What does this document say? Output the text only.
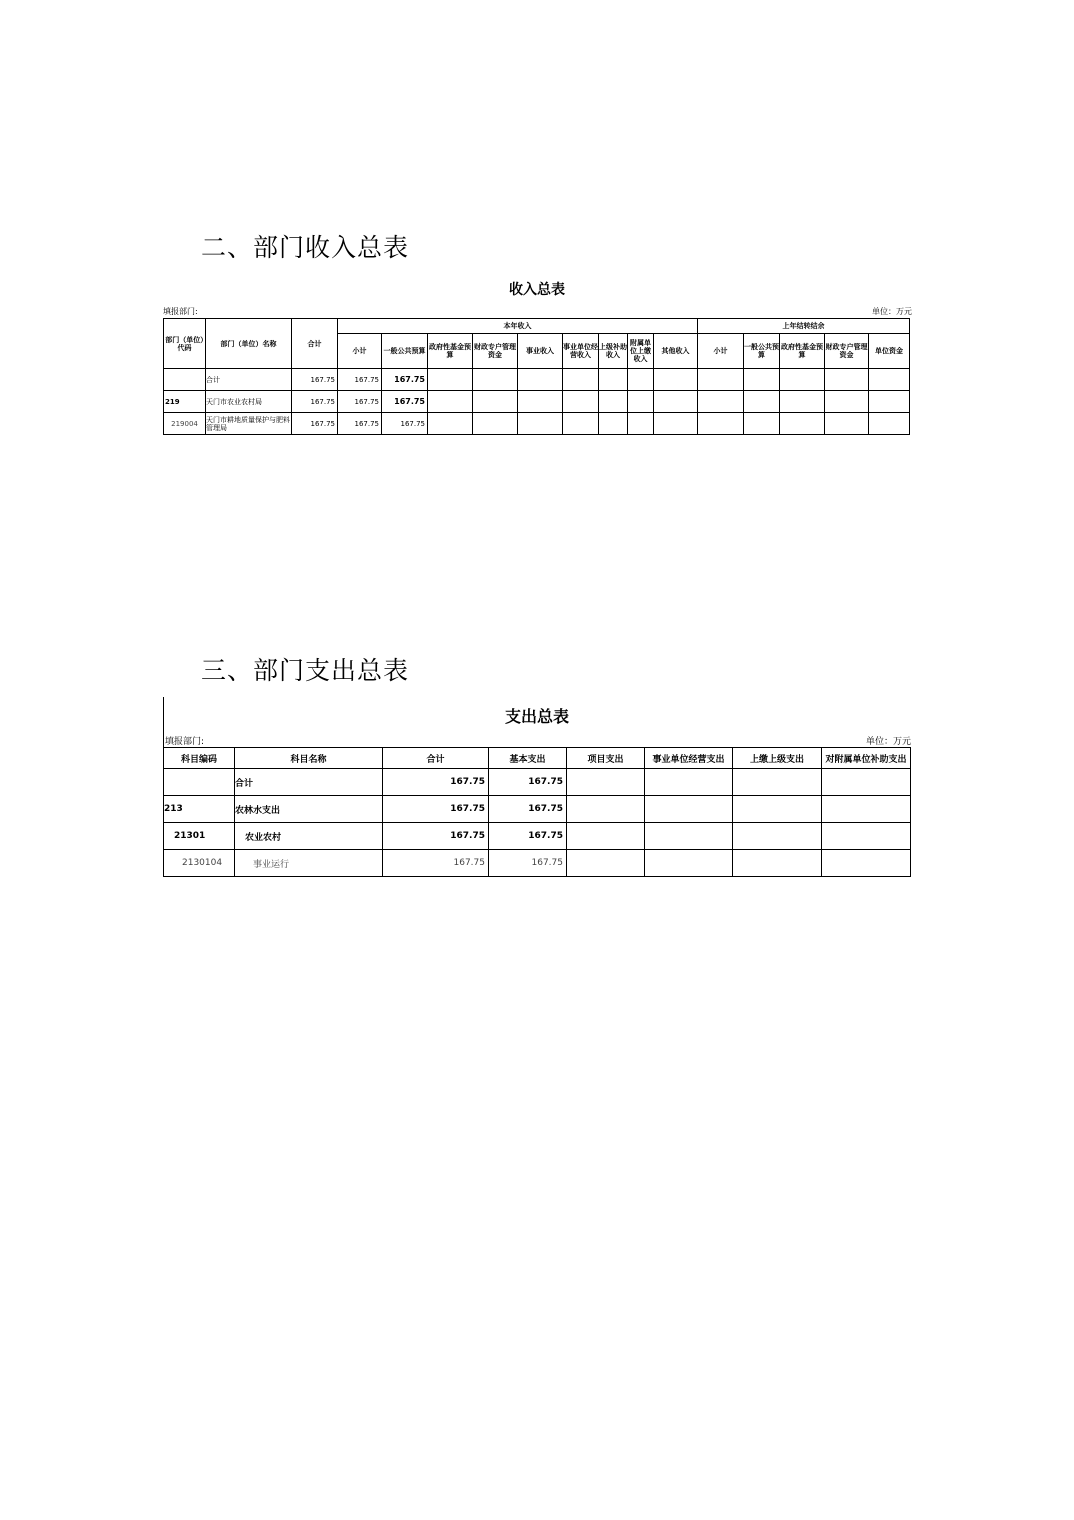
二、部门收入总表
收入总表
填报部门:	单位：万元
部门（单位）代码	部门（单位）名称	合计	本年收入									上年结转结余				
			小计	一般公共预算	政府性基金预算	财政专户管理资金	事业收入	事业单位经营收入	上级补助收入	附属单位上缴收入	其他收入	小计	一般公共预算	政府性基金预算	财政专户管理资金	单位资金
	合计	167.75	167.75	167.75												
219	天门市农业农村局	167.75	167.75	167.75												
219004	天门市耕地质量保护与肥料管理局	167.75	167.75	167.75												
三、部门支出总表
支出总表
填报部门:	单位：万元
科目编码	科目名称	合计	基本支出	项目支出	事业单位经营支出	上缴上级支出	对附属单位补助支出
	合计	167.75	167.75				
213	农林水支出	167.75	167.75				
21301	农业农村	167.75	167.75				
2130104	事业运行	167.75	167.75				
